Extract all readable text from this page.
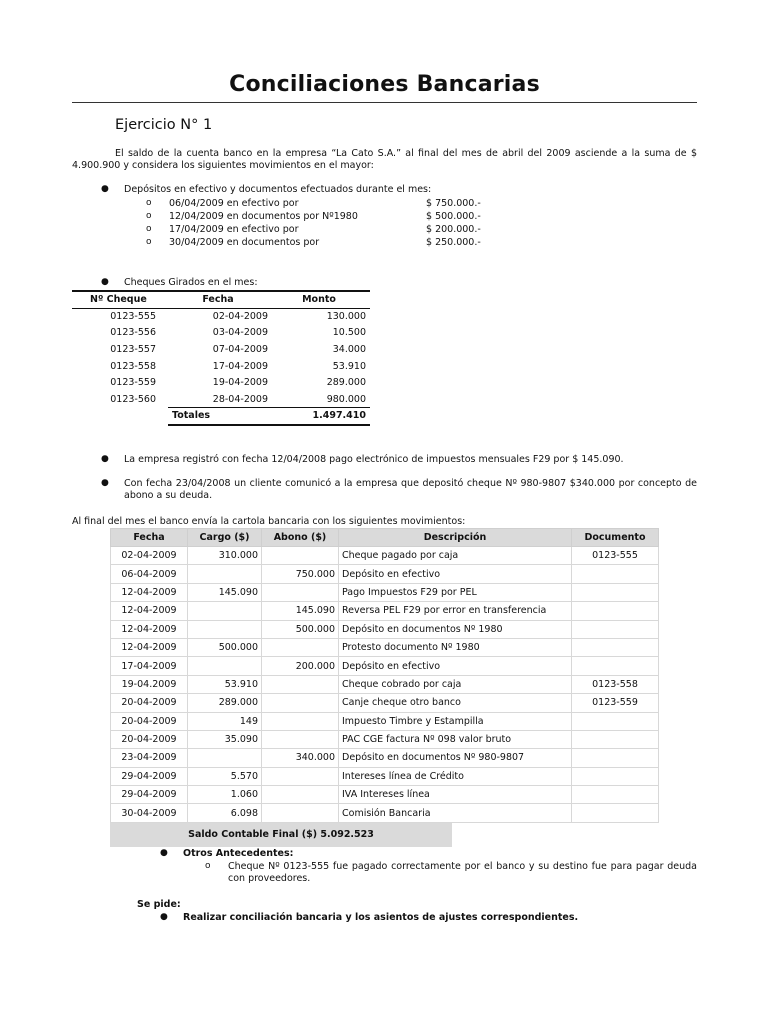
Conciliaciones Bancarias
Ejercicio N° 1
El saldo de la cuenta banco en la empresa “La Cato S.A.” al final del mes de abril del 2009 asciende a la suma de $ 4.900.900 y considera los siguientes movimientos en el mayor:
● Depósitos en efectivo y documentos efectuados durante el mes:
o 06/04/2009 en efectivo por	$ 750.000.-
o 12/04/2009 en documentos por Nº1980	$ 500.000.-
o 17/04/2009 en efectivo por	$ 200.000.-
o 30/04/2009 en documentos por	$ 250.000.-
● Cheques Girados en el mes:
Nº Cheque	Fecha	Monto
0123-555	02-04-2009	130.000
0123-556	03-04-2009	10.500
0123-557	07-04-2009	34.000
0123-558	17-04-2009	53.910
0123-559	19-04-2009	289.000
0123-560	28-04-2009	980.000
	Totales	1.497.410
● La empresa registró con fecha 12/04/2008 pago electrónico de impuestos mensuales F29 por $ 145.090.
● Con fecha 23/04/2008 un cliente comunicó a la empresa que depositó cheque Nº 980-9807 $340.000 por concepto de abono a su deuda.
Al final del mes el banco envía la cartola bancaria con los siguientes movimientos:
Fecha	Cargo ($)	Abono ($)	Descripción	Documento
02-04-2009	310.000		Cheque pagado por caja	0123-555
06-04-2009		750.000	Depósito en efectivo	
12-04-2009	145.090		Pago Impuestos F29 por PEL	
12-04-2009		145.090	Reversa PEL F29 por error en transferencia	
12-04-2009		500.000	Depósito en documentos Nº 1980	
12-04-2009	500.000		Protesto documento Nº 1980	
17-04-2009		200.000	Depósito en efectivo	
19-04.2009	53.910		Cheque cobrado por caja	0123-558
20-04-2009	289.000		Canje cheque otro banco	0123-559
20-04-2009	149		Impuesto Timbre y Estampilla	
20-04-2009	35.090		PAC CGE factura Nº 098 valor bruto	
23-04-2009		340.000	Depósito en documentos Nº 980-9807	
29-04-2009	5.570		Intereses línea de Crédito	
29-04-2009	1.060		IVA Intereses línea	
30-04-2009	6.098		Comisión Bancaria	
Saldo Contable Final ($) 5.092.523
● Otros Antecedentes:
o Cheque Nº 0123-555 fue pagado correctamente por el banco y su destino fue para pagar deuda con proveedores.
Se pide:
● Realizar conciliación bancaria y los asientos de ajustes correspondientes.
